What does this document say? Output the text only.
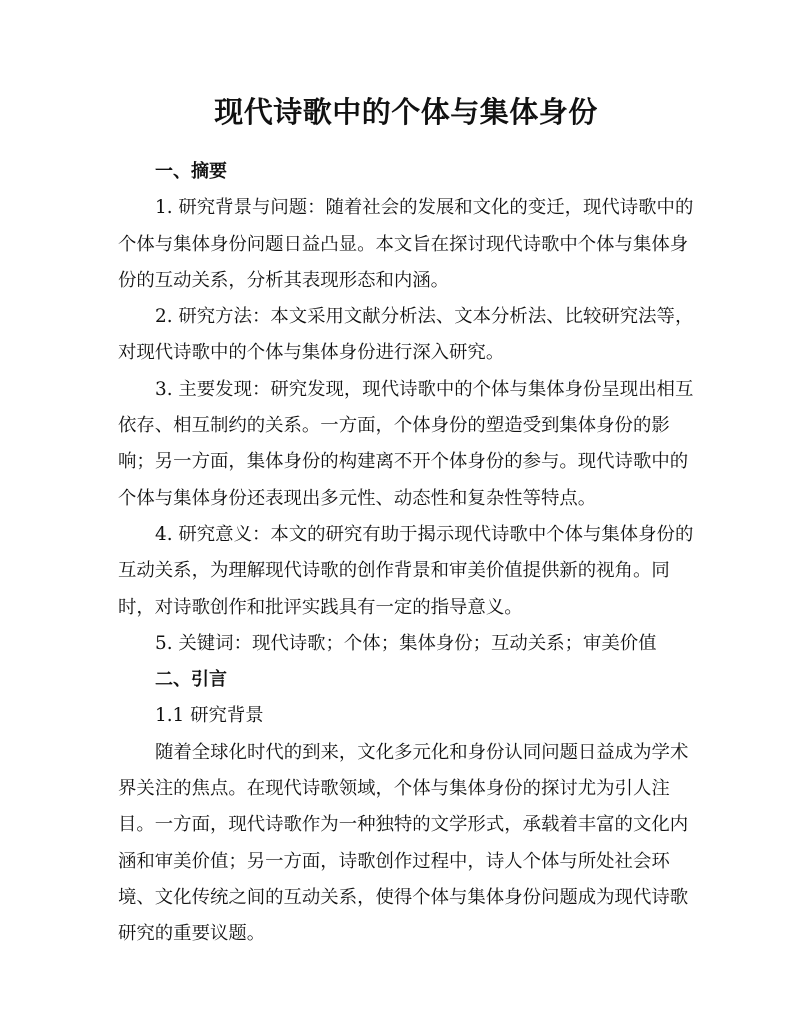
现代诗歌中的个体与集体身份
一、摘要

1. 研究背景与问题：随着社会的发展和文化的变迁，现代诗歌中的个体与集体身份问题日益凸显。本文旨在探讨现代诗歌中个体与集体身份的互动关系，分析其表现形态和内涵。

2. 研究方法：本文采用文献分析法、文本分析法、比较研究法等，对现代诗歌中的个体与集体身份进行深入研究。

3. 主要发现：研究发现，现代诗歌中的个体与集体身份呈现出相互依存、相互制约的关系。一方面，个体身份的塑造受到集体身份的影响；另一方面，集体身份的构建离不开个体身份的参与。现代诗歌中的个体与集体身份还表现出多元性、动态性和复杂性等特点。

4. 研究意义：本文的研究有助于揭示现代诗歌中个体与集体身份的互动关系，为理解现代诗歌的创作背景和审美价值提供新的视角。同时，对诗歌创作和批评实践具有一定的指导意义。

5. 关键词：现代诗歌；个体；集体身份；互动关系；审美价值

二、引言

1.1 研究背景

随着全球化时代的到来，文化多元化和身份认同问题日益成为学术界关注的焦点。在现代诗歌领域，个体与集体身份的探讨尤为引人注目。一方面，现代诗歌作为一种独特的文学形式，承载着丰富的文化内涵和审美价值；另一方面，诗歌创作过程中，诗人个体与所处社会环境、文化传统之间的互动关系，使得个体与集体身份问题成为现代诗歌研究的重要议题。
